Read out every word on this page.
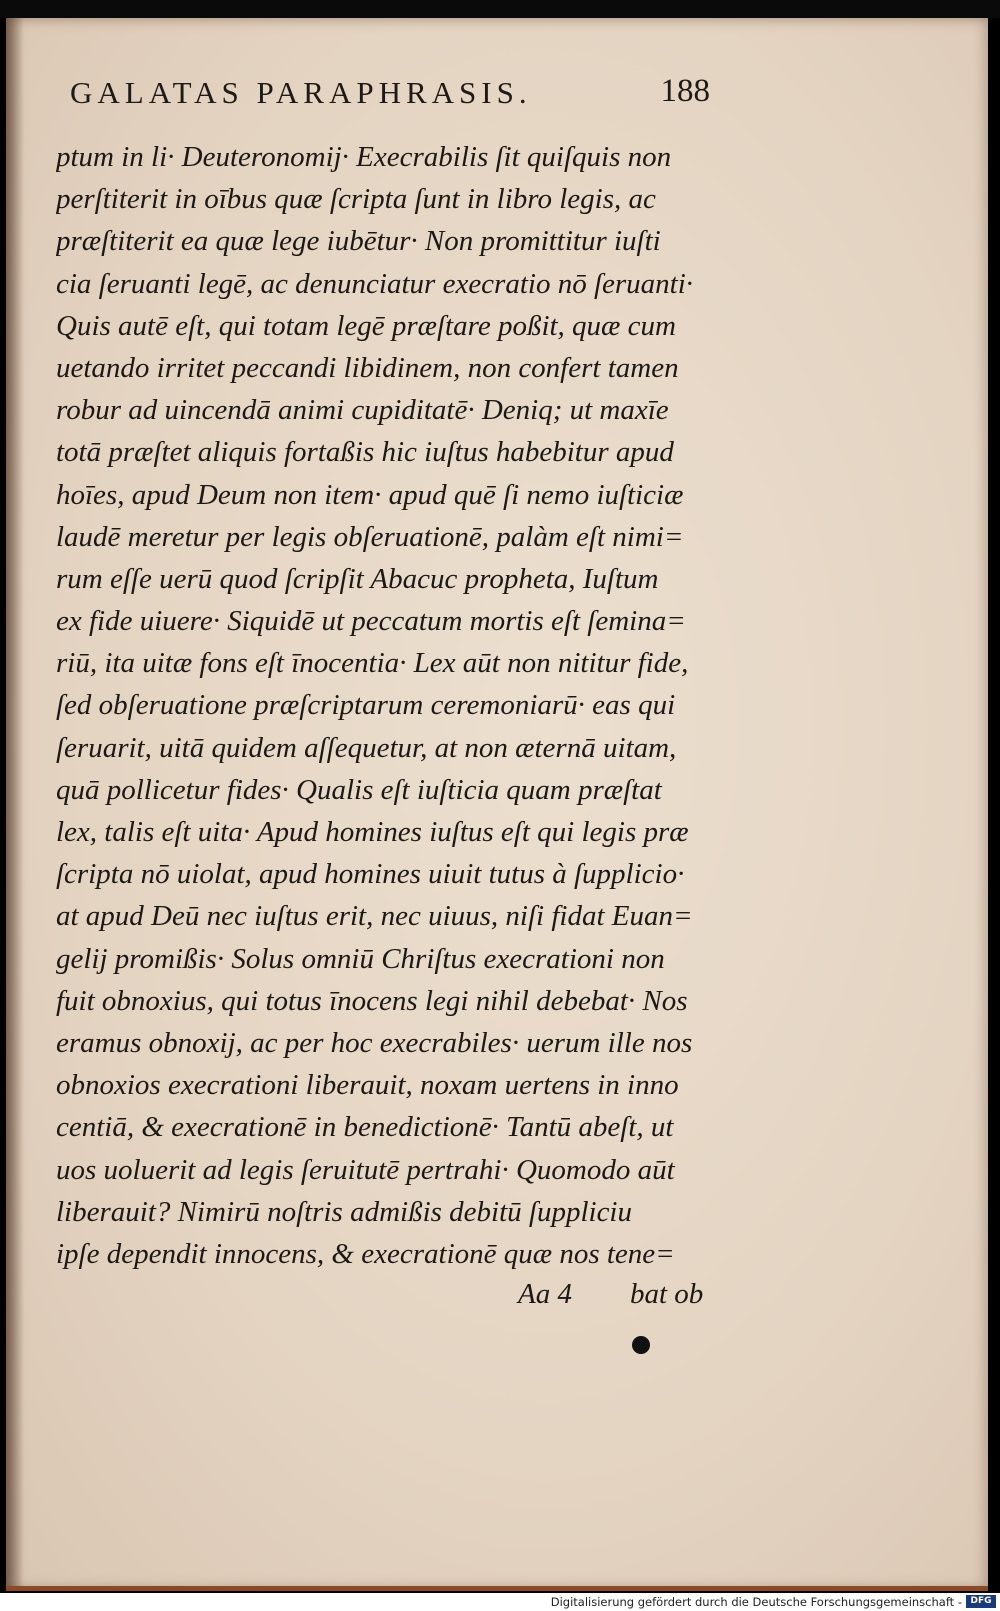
GALATAS PARAPHRASIS.	188
ptum in li· Deuteronomij· Execrabilis ſit quiſquis non
perſtiterit in oībus quæ ſcripta ſunt in libro legis, ac
præſtiterit ea quæ lege iubētur· Non promittitur iuſti
cia ſeruanti legē, ac denunciatur execratio nō ſeruanti·
Quis autē eſt, qui totam legē præſtare poßit, quæ cum
uetando irritet peccandi libidinem, non confert tamen
robur ad uincendā animi cupiditatē· Deniq; ut maxīe
totā præſtet aliquis fortaßis hic iuſtus habebitur apud
hoīes, apud Deum non item· apud quē ſi nemo iuſticiæ
laudē meretur per legis obſeruationē, palàm eſt nimi=
rum eſſe uerū quod ſcripſit Abacuc propheta, Iuſtum
ex fide uiuere· Siquidē ut peccatum mortis eſt ſemina=
riū, ita uitæ fons eſt īnocentia· Lex aūt non nititur fide,
ſed obſeruatione præſcriptarum ceremoniarū· eas qui
ſeruarit, uitā quidem aſſequetur, at non æternā uitam,
quā pollicetur fides· Qualis eſt iuſticia quam præſtat
lex, talis eſt uita· Apud homines iuſtus eſt qui legis præ
ſcripta nō uiolat, apud homines uiuit tutus à ſupplicio·
at apud Deū nec iuſtus erit, nec uiuus, niſi fidat Euan=
gelij promißis· Solus omniū Chriſtus execrationi non
fuit obnoxius, qui totus īnocens legi nihil debebat· Nos
eramus obnoxij, ac per hoc execrabiles· uerum ille nos
obnoxios execrationi liberauit, noxam uertens in inno
centiā, & execrationē in benedictionē· Tantū abeſt, ut
uos uoluerit ad legis ſeruitutē pertrahi· Quomodo aūt
liberauit? Nimirū noſtris admißis debitū ſuppliciu
ipſe dependit innocens, & execrationē quæ nos tene=
Aa 4 bat ob
Digitalisierung gefördert durch die Deutsche Forschungsgemeinschaft - DFG
